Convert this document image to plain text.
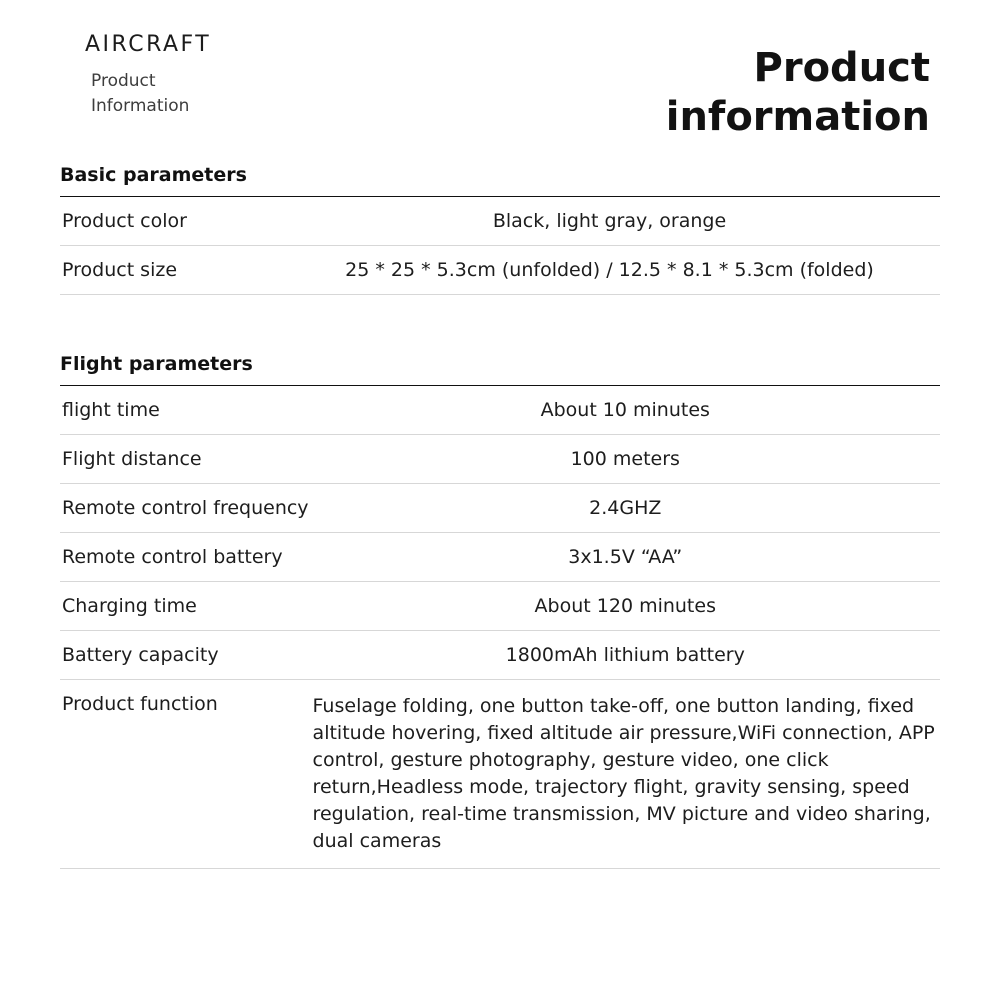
AIRCRAFT
Product
Information
Product
information
Basic parameters
Product color	Black, light gray, orange
Product size	25 * 25 * 5.3cm (unfolded) / 12.5 * 8.1 * 5.3cm (folded)
Flight parameters
flight time	About 10 minutes
Flight distance	100 meters
Remote control frequency	2.4GHZ
Remote control battery	3x1.5V “AA”
Charging time	About 120 minutes
Battery capacity	1800mAh lithium battery
Product function	Fuselage folding, one button take-off, one button landing, fixed altitude hovering, fixed altitude air pressure,WiFi connection, APP control, gesture photography, gesture video, one click return,Headless mode, trajectory flight, gravity sensing, speed regulation, real-time transmission, MV picture and video sharing, dual cameras
